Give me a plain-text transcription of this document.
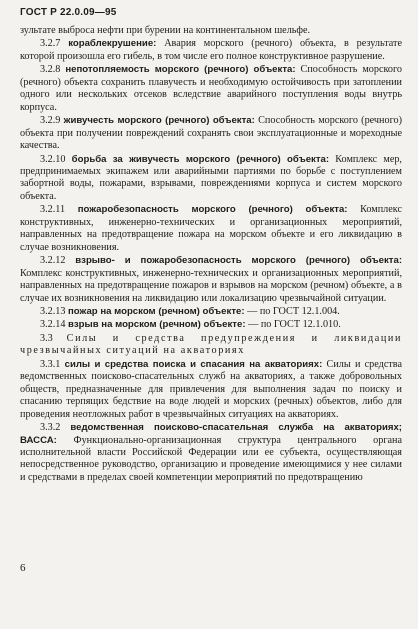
ГОСТ Р 22.0.09—95

зультате выброса нефти при бурении на континентальном шельфе.

3.2.7 кораблекрушение: Авария морского (речного) объекта, в результате которой произошла его гибель, в том числе его полное конструктивное разрушение.

3.2.8 непотопляемость морского (речного) объекта: Способность морского (речного) объекта сохранить плавучесть и необходимую остойчивость при затоплении одного или нескольких отсеков вследствие аварийного поступления воды внутрь корпуса.

3.2.9 живучесть морского (речного) объекта: Способность морского (речного) объекта при получении повреждений сохранять свои эксплуатационные и мореходные качества.

3.2.10 борьба за живучесть морского (речного) объекта: Комплекс мер, предпринимаемых экипажем или аварийными партиями по борьбе с поступлением забортной воды, пожарами, взрывами, повреждениями корпуса и систем морского объекта.

3.2.11 пожаробезопасность морского (речного) объекта: Комплекс конструктивных, инженерно-технических и организационных мероприятий, направленных на предотвращение пожара на морском объекте и его ликвидацию в случае возникновения.

3.2.12 взрыво- и пожаробезопасность морского (речного) объекта: Комплекс конструктивных, инженерно-технических и организационных мероприятий, направленных на предотвращение пожаров и взрывов на морском (речном) объекте, а в случае их возникновения на ликвидацию или локализацию чрезвычайной ситуации.

3.2.13 пожар на морском (речном) объекте: — по ГОСТ 12.1.004.

3.2.14 взрыв на морском (речном) объекте: — по ГОСТ 12.1.010.

3.3 Силы и средства предупреждения и ликвидации чрезвычайных ситуаций на акваториях

3.3.1 силы и средства поиска и спасания на акваториях: Силы и средства ведомственных поисково-спасательных служб на акваториях, а также добровольных обществ, предназначенные для привлечения для выполнения задач по поиску и спасанию терпящих бедствие на воде людей и морских (речных) объектов, либо для проведения неотложных работ в чрезвычайных ситуациях на акваториях.

3.3.2 ведомственная поисково-спасательная служба на акваториях; ВАССА: Функционально-организационная структура центрального органа исполнительной власти Российской Федерации или ее субъекта, осуществляющая непосредственное руководство, организацию и проведение имеющимися у нее силами и средствами в пределах своей компетенции мероприятий по предотвращению

6
